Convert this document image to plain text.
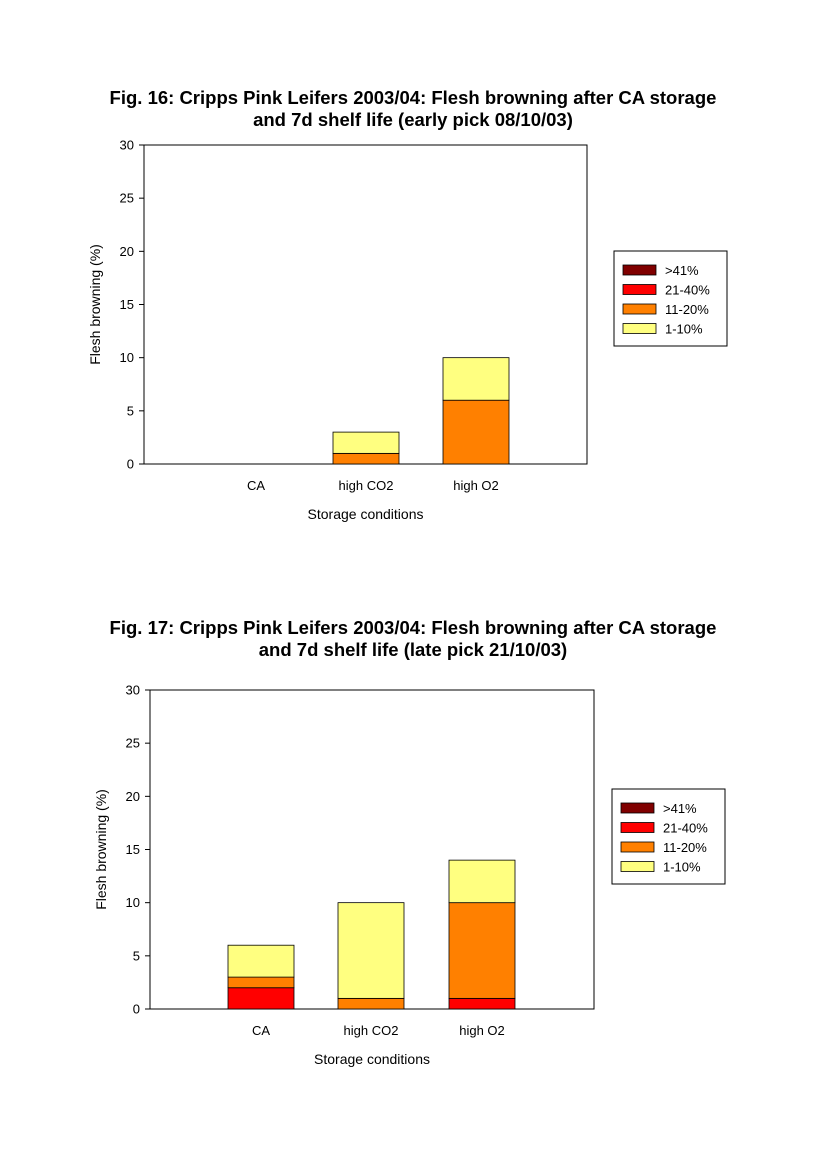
Fig. 16: Cripps Pink Leifers 2003/04: Flesh browning after CA storage
and 7d shelf life (early pick 08/10/03)
0
5
10
15
20
25
30
CA	high CO2	high O2
Storage conditions
Flesh browning (%)	>41%
21-40%
11-20%
1-10%
Fig. 17: Cripps Pink Leifers 2003/04: Flesh browning after CA storage
and 7d shelf life (late pick 21/10/03)
0
5
10
15
20
25
30
CA	high CO2	high O2
Storage conditions
Flesh browning (%)	>41%
21-40%
11-20%
1-10%
